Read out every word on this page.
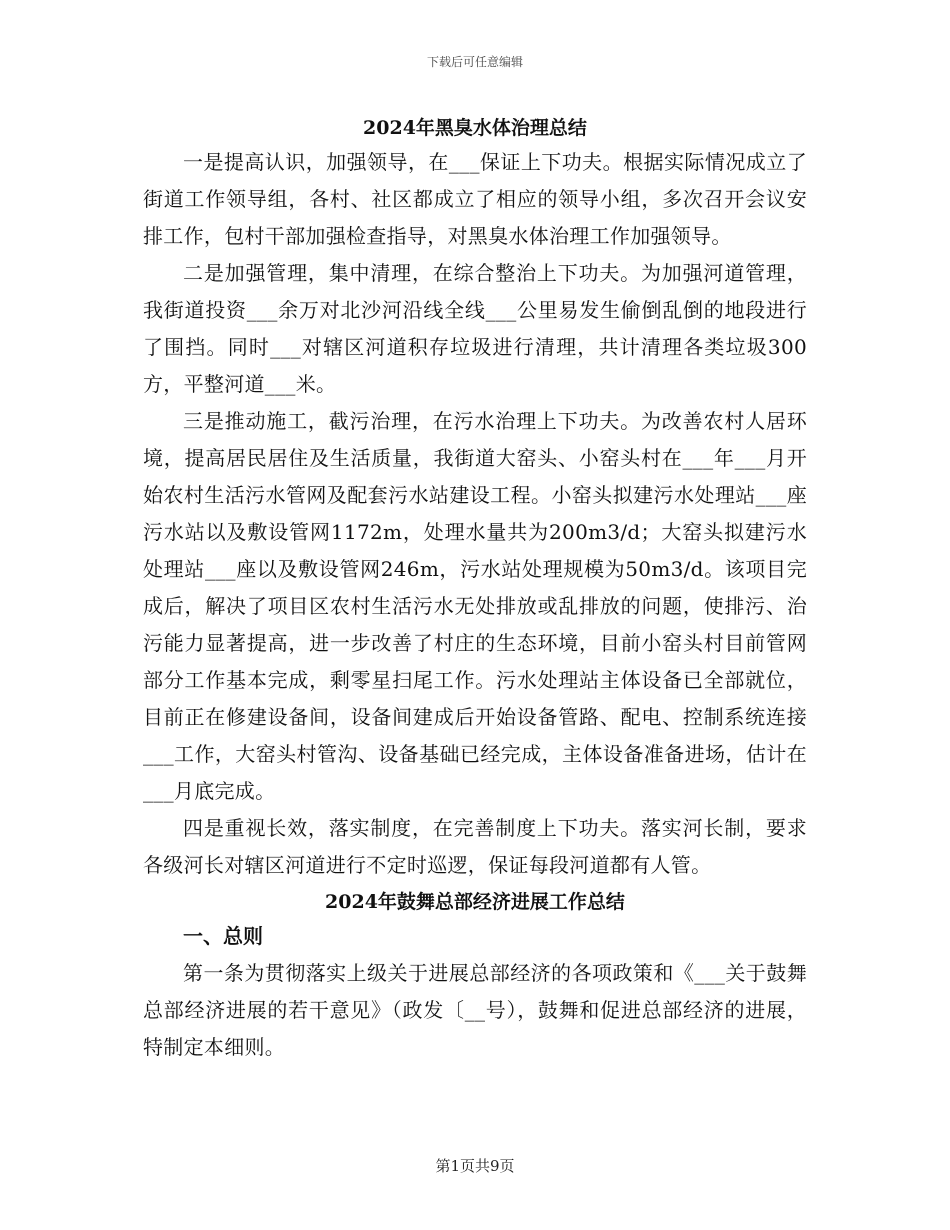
下载后可任意编辑
2024年黑臭水体治理总结

一是提高认识，加强领导，在___保证上下功夫。根据实际情况成立了街道工作领导组，各村、社区都成立了相应的领导小组，多次召开会议安排工作，包村干部加强检查指导，对黑臭水体治理工作加强领导。

二是加强管理，集中清理，在综合整治上下功夫。为加强河道管理，我街道投资___余万对北沙河沿线全线___公里易发生偷倒乱倒的地段进行了围挡。同时___对辖区河道积存垃圾进行清理，共计清理各类垃圾300方，平整河道___米。

三是推动施工，截污治理，在污水治理上下功夫。为改善农村人居环境，提高居民居住及生活质量，我街道大窑头、小窑头村在___年___月开始农村生活污水管网及配套污水站建设工程。小窑头拟建污水处理站___座污水站以及敷设管网1172m，处理水量共为200m3/d；大窑头拟建污水处理站___座以及敷设管网246m，污水站处理规模为50m3/d。该项目完成后，解决了项目区农村生活污水无处排放或乱排放的问题，使排污、治污能力显著提高，进一步改善了村庄的生态环境，目前小窑头村目前管网部分工作基本完成，剩零星扫尾工作。污水处理站主体设备已全部就位，目前正在修建设备间，设备间建成后开始设备管路、配电、控制系统连接___工作，大窑头村管沟、设备基础已经完成，主体设备准备进场，估计在___月底完成。

四是重视长效，落实制度，在完善制度上下功夫。落实河长制，要求各级河长对辖区河道进行不定时巡逻，保证每段河道都有人管。

2024年鼓舞总部经济进展工作总结
一、总则

第一条为贯彻落实上级关于进展总部经济的各项政策和《___关于鼓舞总部经济进展的若干意见》（政发〔__号），鼓舞和促进总部经济的进展，特制定本细则。

第1页共9页
